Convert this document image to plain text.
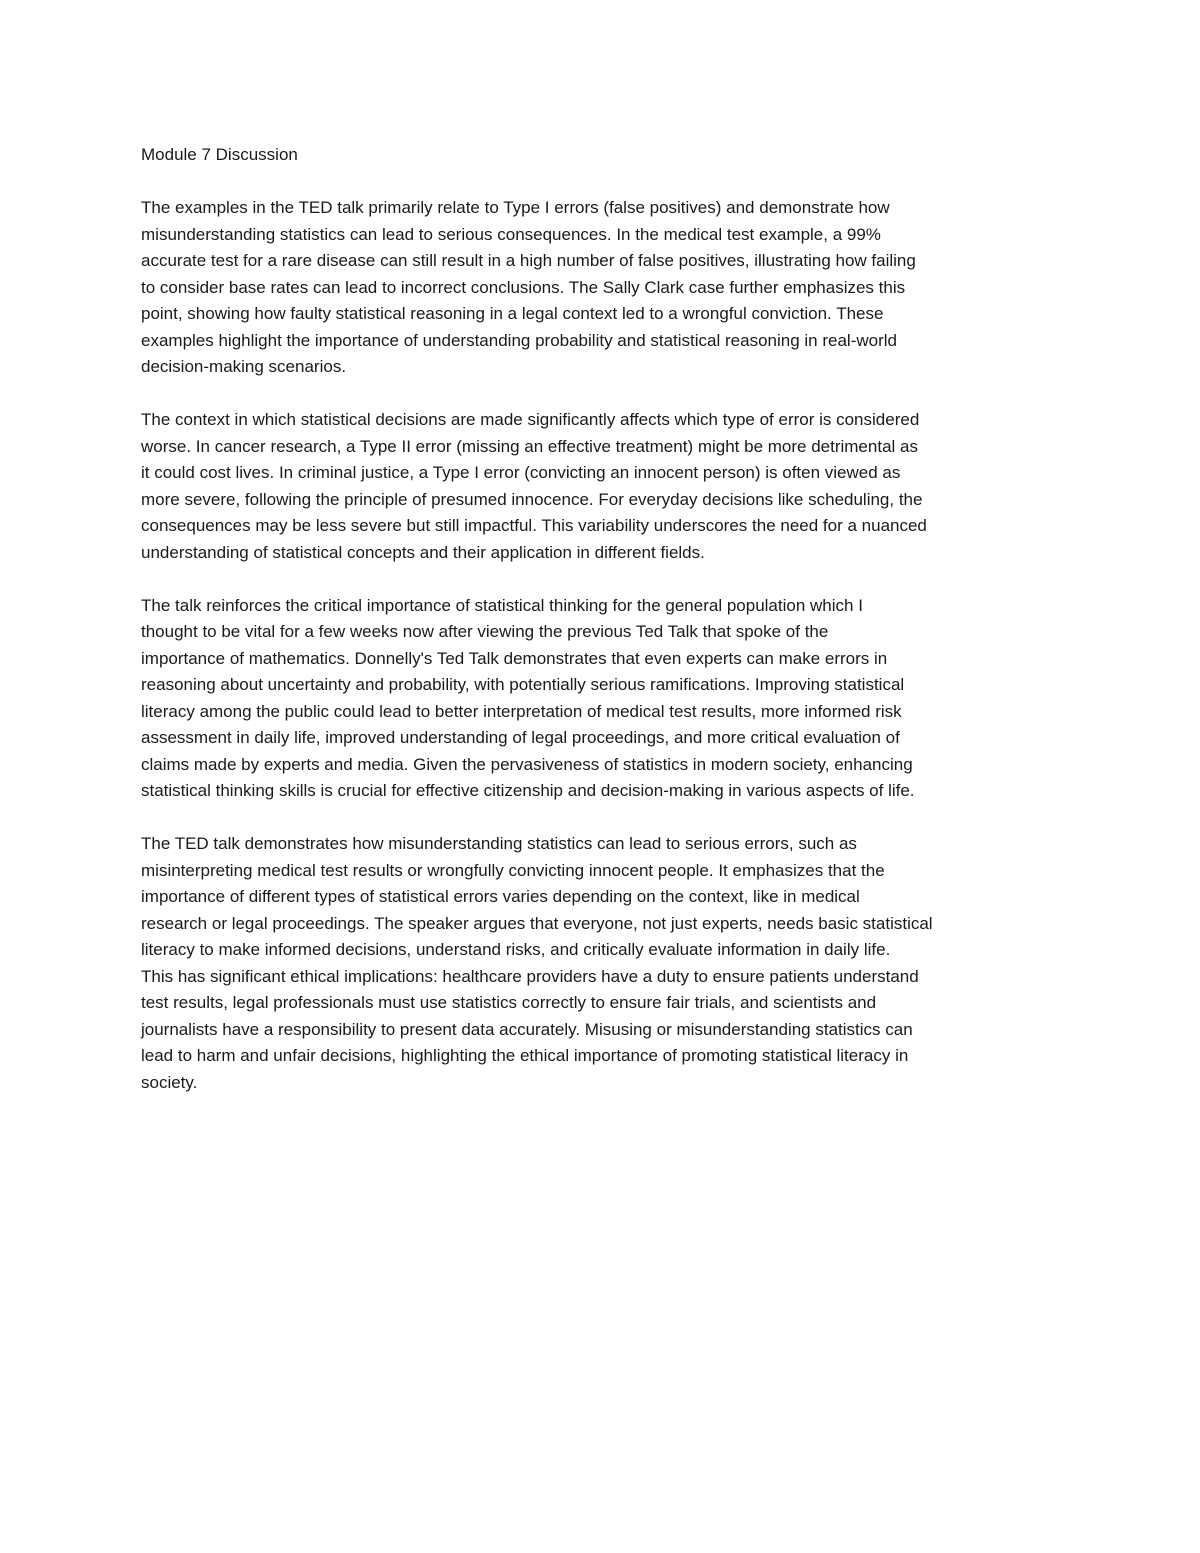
Module 7 Discussion
The examples in the TED talk primarily relate to Type I errors (false positives) and demonstrate how
misunderstanding statistics can lead to serious consequences. In the medical test example, a 99%
accurate test for a rare disease can still result in a high number of false positives, illustrating how failing
to consider base rates can lead to incorrect conclusions. The Sally Clark case further emphasizes this
point, showing how faulty statistical reasoning in a legal context led to a wrongful conviction. These
examples highlight the importance of understanding probability and statistical reasoning in real-world
decision-making scenarios.
The context in which statistical decisions are made significantly affects which type of error is considered
worse. In cancer research, a Type II error (missing an effective treatment) might be more detrimental as
it could cost lives. In criminal justice, a Type I error (convicting an innocent person) is often viewed as
more severe, following the principle of presumed innocence. For everyday decisions like scheduling, the
consequences may be less severe but still impactful. This variability underscores the need for a nuanced
understanding of statistical concepts and their application in different fields.
The talk reinforces the critical importance of statistical thinking for the general population which I
thought to be vital for a few weeks now after viewing the previous Ted Talk that spoke of the
importance of mathematics. Donnelly's Ted Talk demonstrates that even experts can make errors in
reasoning about uncertainty and probability, with potentially serious ramifications. Improving statistical
literacy among the public could lead to better interpretation of medical test results, more informed risk
assessment in daily life, improved understanding of legal proceedings, and more critical evaluation of
claims made by experts and media. Given the pervasiveness of statistics in modern society, enhancing
statistical thinking skills is crucial for effective citizenship and decision-making in various aspects of life.
The TED talk demonstrates how misunderstanding statistics can lead to serious errors, such as
misinterpreting medical test results or wrongfully convicting innocent people. It emphasizes that the
importance of different types of statistical errors varies depending on the context, like in medical
research or legal proceedings. The speaker argues that everyone, not just experts, needs basic statistical
literacy to make informed decisions, understand risks, and critically evaluate information in daily life.
This has significant ethical implications: healthcare providers have a duty to ensure patients understand
test results, legal professionals must use statistics correctly to ensure fair trials, and scientists and
journalists have a responsibility to present data accurately. Misusing or misunderstanding statistics can
lead to harm and unfair decisions, highlighting the ethical importance of promoting statistical literacy in
society.
